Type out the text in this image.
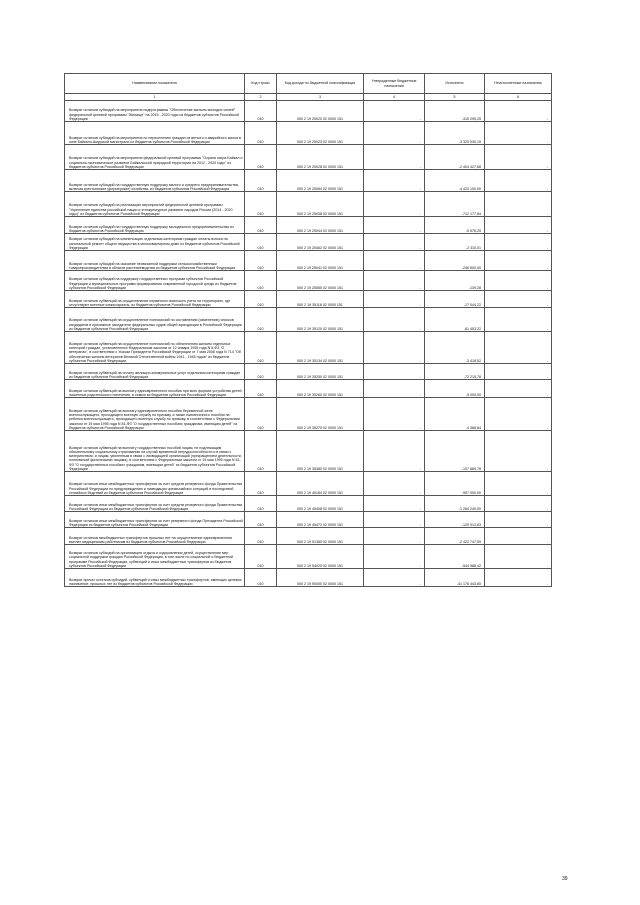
Наименование показателя	Код строки	Код дохода по бюджетной классификации	Утвержденные бюджетные назначения	Исполнено	Неисполненные назначения
1	2	3	4	5	6
Возврат остатков субсидий на мероприятия подпрограммы "Обеспечение жильем молодых семей" федеральной целевой программы "Жилище" на 2015 - 2020 годы из бюджетов субъектов Российской Федерации	010	000 2 19 25020 02 0000 151	-	-315 295,25	-
Возврат остатков субсидий на мероприятия по переселению граждан из ветхого и аварийного жилья в зоне Байкало-Амурской магистрали из бюджетов субъектов Российской Федерации	010	000 2 19 25023 02 0000 151	-	-3 320 030,15	-
Возврат остатков субсидий на мероприятия федеральной целевой программы "Охрана озера Байкал и социально-экономическое развитие Байкальской природной территории на 2012 - 2020 годы" из бюджетов субъектов Российской Федерации	010	000 2 19 25028 02 0000 151	-	-2 404 427,68	-
Возврат остатков субсидий на государственную поддержку малого и среднего предпринимательства, включая крестьянские (фермерские) хозяйства, из бюджетов субъектов Российской Федерации	010	000 2 19 25064 02 0000 151	-	-4 423 100,00	-
Возврат остатков субсидий на реализацию мероприятий федеральной целевой программы "Укрепление единства российской нации и этнокультурное развитие народов России (2014 - 2020 годы)" из бюджетов субъектов Российской Федерации	010	000 2 19 25038 02 0000 151	-	-712 177,84	-
Возврат остатков субсидий на государственную поддержку молодежного предпринимательства из бюджетов субъектов Российской Федерации	010	000 2 19 25044 02 0000 151	-	-5 576,25	-
Возврат остатков субсидий на компенсацию отдельным категориям граждан оплаты взноса на капитальный ремонт общего имущества в многоквартирном доме из бюджетов субъектов Российской Федерации	010	000 2 19 25462 02 0000 151	-	-2 310,01	-
Возврат остатков субсидий на оказание несвязанной поддержки сельскохозяйственным товаропроизводителям в области растениеводства из бюджетов субъектов Российской Федерации	010	000 2 19 25041 02 0000 151	-	-246 600,00	-
Возврат остатков субсидий на поддержку государственных программ субъектов Российской Федерации и муниципальных программ формирования современной городской среды из бюджетов субъектов Российской Федерации	010	000 2 19 25555 02 0000 151	-	-139,28	-
Возврат остатков субвенций на осуществление первичного воинского учета на территориях, где отсутствуют военные комиссариаты, из бюджетов субъектов Российской Федерации	010	000 2 19 35118 02 0000 151	-	-17 044,22	-
Возврат остатков субвенций на осуществление полномочий по составлению (изменению) списков кандидатов в присяжные заседатели федеральных судов общей юрисдикции в Российской Федерации из бюджетов субъектов Российской Федерации	010	000 2 19 35120 02 0000 151	-	-81 453,22	-
Возврат остатков субвенций на осуществление полномочий по обеспечению жильем отдельных категорий граждан, установленных Федеральным законом от 12 января 1995 года N 5-ФЗ "О ветеранах", в соответствии с Указом Президента Российской Федерации от 7 мая 2008 года N 714 "Об обеспечении жильем ветеранов Великой Отечественной войны 1941 - 1945 годов" из бюджетов субъектов Российской Федерации	010	000 2 19 35134 02 0000 151	-	-3 418,52	-
Возврат остатков субвенций на оплату жилищно-коммунальных услуг отдельным категориям граждан из бюджетов субъектов Российской Федерации	010	000 2 19 35250 02 0000 151	-	-72 215,78	-
Возврат остатков субвенций на выплату единовременного пособия при всех формах устройства детей, лишенных родительского попечения, в семью из бюджетов субъектов Российской Федерации	010	000 2 19 35260 02 0000 151	-	-5 000,00	-
Возврат остатков субвенций на выплату единовременного пособия беременной жене военнослужащего, проходящего военную службу по призыву, а также ежемесячного пособия на ребенка военнослужащего, проходящего военную службу по призыву, в соответствии с Федеральным законом от 19 мая 1995 года N 81-ФЗ "О государственных пособиях гражданам, имеющим детей" из бюджетов субъектов Российской Федерации	010	000 2 19 35270 02 0000 151	-	-4 368,84	-
Возврат остатков субвенций на выплату государственных пособий лицам, не подлежащим обязательному социальному страхованию на случай временной нетрудоспособности и в связи с материнством, и лицам, уволенным в связи с ликвидацией организаций (прекращением деятельности, полномочий физическими лицами), в соответствии с Федеральным законом от 19 мая 1995 года N 81-ФЗ "О государственных пособиях гражданам, имеющим детей" из бюджетов субъектов Российской Федерации	010	000 2 19 35380 02 0000 151	-	-107 689,78	-
Возврат остатков иных межбюджетных трансфертов за счет средств резервного фонда Правительства Российской Федерации по предупреждению и ликвидации чрезвычайных ситуаций и последствий стихийных бедствий из бюджетов субъектов Российской Федерации	010	000 2 19 45164 02 0000 151	-	-957 000,00	-
Возврат остатков иных межбюджетных трансфертов за счет средств резервного фонда Правительства Российской Федерации из бюджетов субъектов Российской Федерации	010	000 2 19 45408 02 0000 151	-	-1 284 240,00	-
Возврат остатков иных межбюджетных трансфертов за счет резервного фонда Президента Российской Федерации из бюджетов субъектов Российской Федерации	010	000 2 19 45472 02 0000 151	-	-120 012,63	-
Возврат остатков межбюджетных трансфертов прошлых лет на осуществление единовременных выплат медицинским работникам из бюджетов субъектов Российской Федерации	010	000 2 19 51360 02 0000 151	-	-2 422 747,59	-
Возврат остатков субсидий на организацию отдыха и оздоровления детей, осуществление мер социальной поддержки граждан Российской Федерации, в том числе по социальной и бюджетной программе Российской Федерации, субвенций и иных межбюджетных трансфертов из бюджетов субъектов Российской Федерации	010	000 2 19 54020 02 0000 151	-	-544 988,42	-
Возврат прочих остатков субсидий, субвенций и иных межбюджетных трансфертов, имеющих целевое назначение, прошлых лет из бюджетов субъектов Российской Федерации	010	000 2 19 90000 02 0000 151	-	-41 176 443,60	-
39
